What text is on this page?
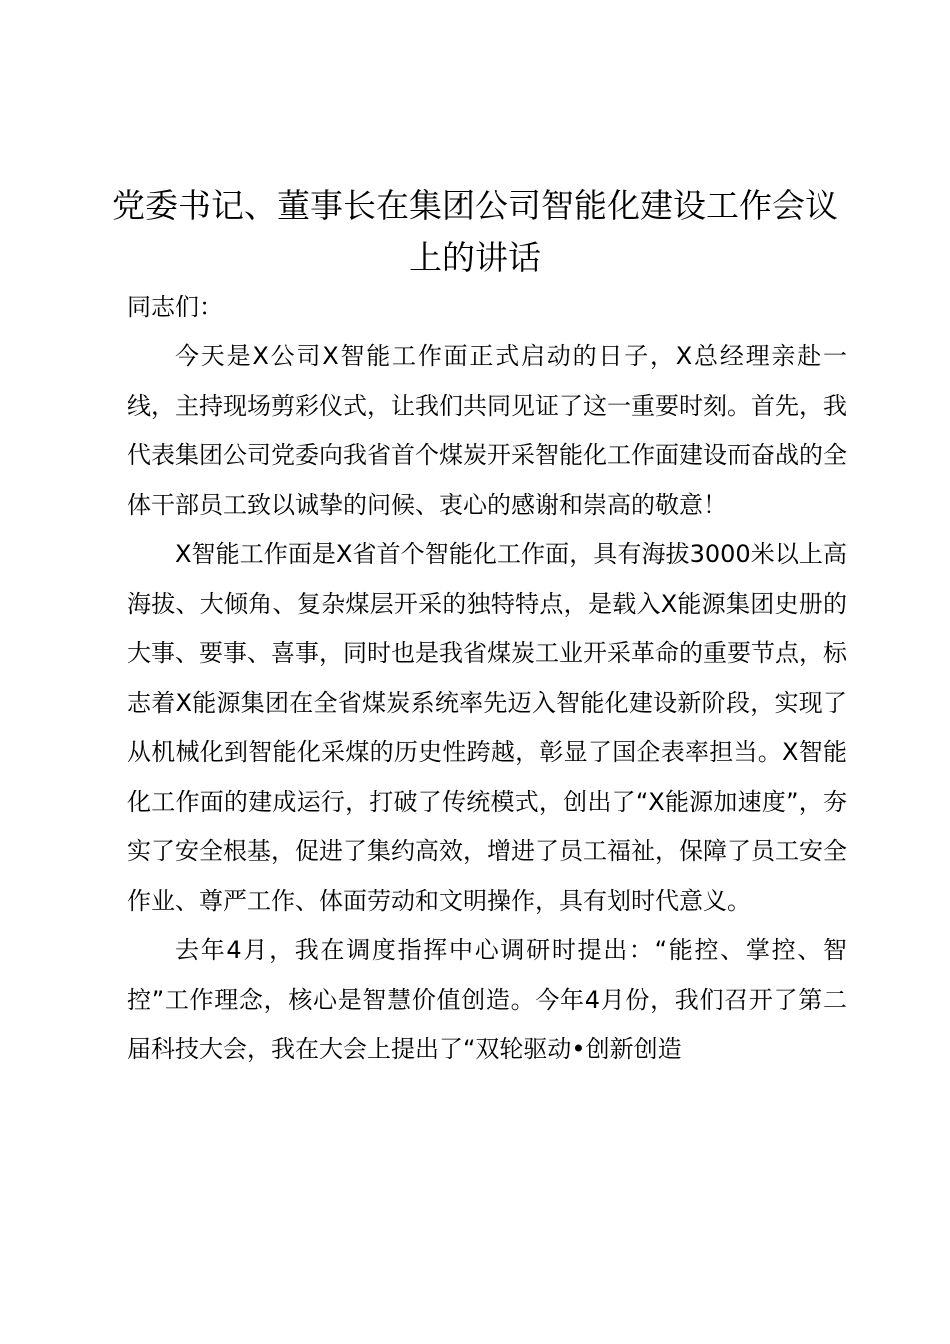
党委书记、董事长在集团公司智能化建设工作会议上的讲话

同志们：

今天是X公司X智能工作面正式启动的日子，X总经理亲赴一线，主持现场剪彩仪式，让我们共同见证了这一重要时刻。首先，我代表集团公司党委向我省首个煤炭开采智能化工作面建设而奋战的全体干部员工致以诚挚的问候、衷心的感谢和崇高的敬意！

X智能工作面是X省首个智能化工作面，具有海拔3000米以上高海拔、大倾角、复杂煤层开采的独特特点，是载入X能源集团史册的大事、要事、喜事，同时也是我省煤炭工业开采革命的重要节点，标志着X能源集团在全省煤炭系统率先迈入智能化建设新阶段，实现了从机械化到智能化采煤的历史性跨越，彰显了国企表率担当。X智能化工作面的建成运行，打破了传统模式，创出了“X能源加速度”，夯实了安全根基，促进了集约高效，增进了员工福祉，保障了员工安全作业、尊严工作、体面劳动和文明操作，具有划时代意义。

去年4月，我在调度指挥中心调研时提出：“能控、掌控、智控”工作理念，核心是智慧价值创造。今年4月份，我们召开了第二届科技大会，我在大会上提出了“双轮驱动•创新创造
